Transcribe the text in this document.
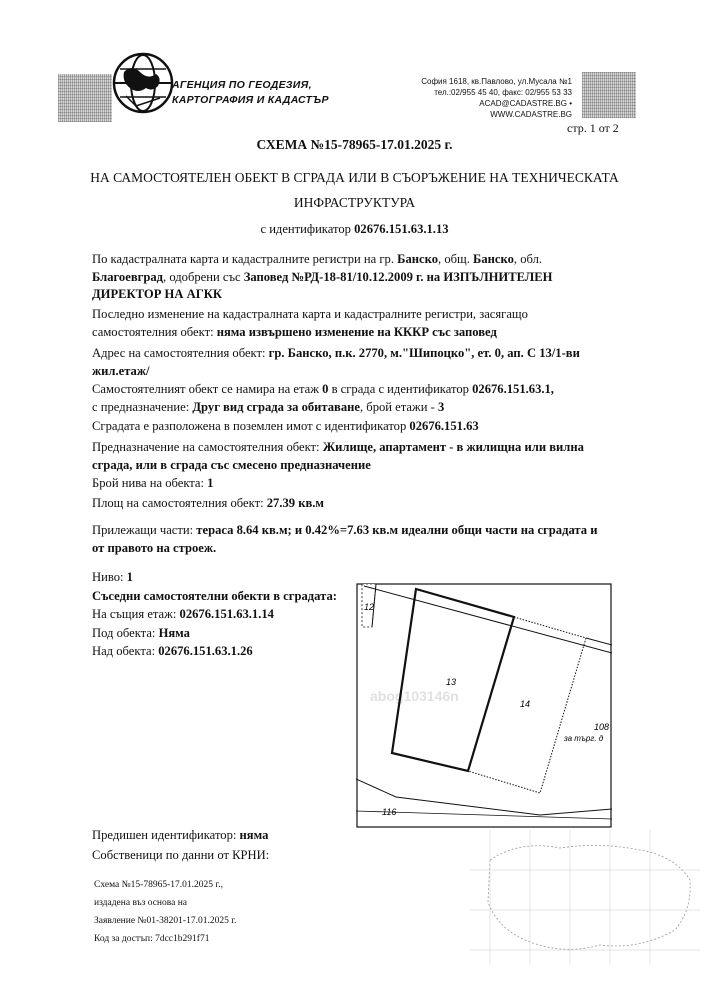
АГЕНЦИЯ ПО ГЕОДЕЗИЯ,
КАРТОГРАФИЯ И КАДАСТЪР
София 1618, кв.Павлово, ул.Мусала №1
тел.:02/955 45 40, факс: 02/955 53 33
ACAD@CADASTRE.BG • WWW.CADASTRE.BG
стр. 1 от 2
СХЕМА №15-78965-17.01.2025 г.
НА САМОСТОЯТЕЛЕН ОБЕКТ В СГРАДА ИЛИ В СЪОРЪЖЕНИЕ НА ТЕХНИЧЕСКАТА
ИНФРАСТРУКТУРА
с идентификатор 02676.151.63.1.13
По кадастралната карта и кадастралните регистри на гр. Банско, общ. Банско, обл.
Благоевград, одобрени със Заповед №РД-18-81/10.12.2009 г. на ИЗПЪЛНИТЕЛЕН
ДИРЕКТОР НА АГКК
Последно изменение на кадастралната карта и кадастралните регистри, засягащо
самостоятелния обект: няма извършено изменение на КККР със заповед
Адрес на самостоятелния обект: гр. Банско, п.к. 2770, м."Шипоцко", ет. 0, ап. С 13/1-ви
жил.етаж/
Самостоятелният обект се намира на етаж 0 в сграда с идентификатор 02676.151.63.1,
с предназначение: Друг вид сграда за обитаване, брой етажи - 3
Сградата е разположена в поземлен имот с идентификатор 02676.151.63
Предназначение на самостоятелния обект: Жилище, апартамент - в жилищна или вилна
сграда, или в сграда със смесено предназначение
Брой нива на обекта: 1
Площ на самостоятелния обект: 27.39 кв.м
Прилежащи части: тераса 8.64 кв.м; и 0.42%=7.63 кв.м идеални общи части на сградата и
от правото на строеж.
Ниво: 1
Съседни самостоятелни обекти в сградата:
На същия етаж: 02676.151.63.1.14
Под обекта: Няма
Над обекта: 02676.151.63.1.26
12
13
14
108
за търг. д
116
abog103146n
Предишен идентификатор: няма
Собственици по данни от КРНИ:
Схема №15-78965-17.01.2025 г.,
издадена въз основа на
Заявление №01-38201-17.01.2025 г.
Код за достъп: 7dcc1b291f71
